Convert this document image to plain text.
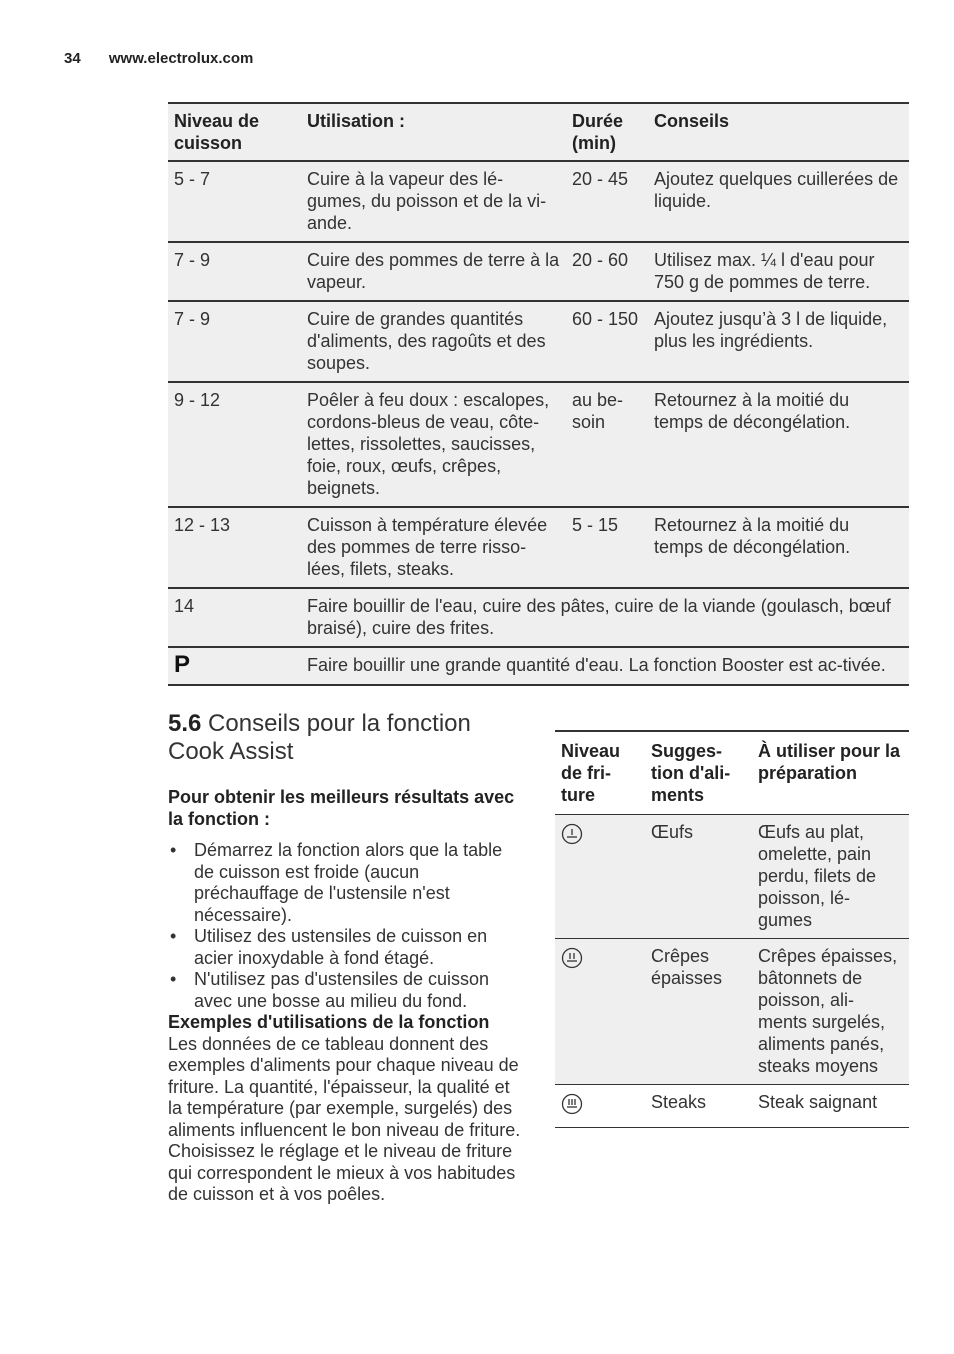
34 www.electrolux.com
Niveau de cuisson	Utilisation :	Durée (min)	Conseils
5 - 7	Cuire à la vapeur des lé-gumes, du poisson et de la vi-ande.	20 - 45	Ajoutez quelques cuillerées de liquide.
7 - 9	Cuire des pommes de terre à la vapeur.	20 - 60	Utilisez max. ¼ l d'eau pour 750 g de pommes de terre.
7 - 9	Cuire de grandes quantités d'aliments, des ragoûts et des soupes.	60 - 150	Ajoutez jusqu’à 3 l de liquide, plus les ingrédients.
9 - 12	Poêler à feu doux : escalopes, cordons-bleus de veau, côte-lettes, rissolettes, saucisses, foie, roux, œufs, crêpes, beignets.	au be-soin	Retournez à la moitié du temps de décongélation.
12 - 13	Cuisson à température élevée des pommes de terre risso-lées, filets, steaks.	5 - 15	Retournez à la moitié du temps de décongélation.
14	Faire bouillir de l'eau, cuire des pâtes, cuire de la viande (goulasch, bœuf braisé), cuire des frites.		
P	Faire bouillir une grande quantité d'eau. La fonction Booster est ac-tivée.		
5.6 Conseils pour la fonction
Cook Assist

Pour obtenir les meilleurs résultats avec la fonction :

• Démarrez la fonction alors que la table de cuisson est froide (aucun préchauffage de l'ustensile n'est nécessaire).
• Utilisez des ustensiles de cuisson en acier inoxydable à fond étagé.
• N'utilisez pas d'ustensiles de cuisson avec une bosse au milieu du fond.

Exemples d'utilisations de la fonction

Les données de ce tableau donnent des exemples d'aliments pour chaque niveau de friture. La quantité, l'épaisseur, la qualité et la température (par exemple, surgelés) des aliments influencent le bon niveau de friture. Choisissez le réglage et le niveau de friture qui correspondent le mieux à vos habitudes de cuisson et à vos poêles.

Niveau de fri-ture	Sugges-tion d'ali-ments	À utiliser pour la préparation
	Œufs	Œufs au plat, omelette, pain perdu, filets de poisson, lé-gumes
	Crêpes épaisses	Crêpes épaisses, bâtonnets de poisson, ali-ments surgelés, aliments panés, steaks moyens
	Steaks	Steak saignant
